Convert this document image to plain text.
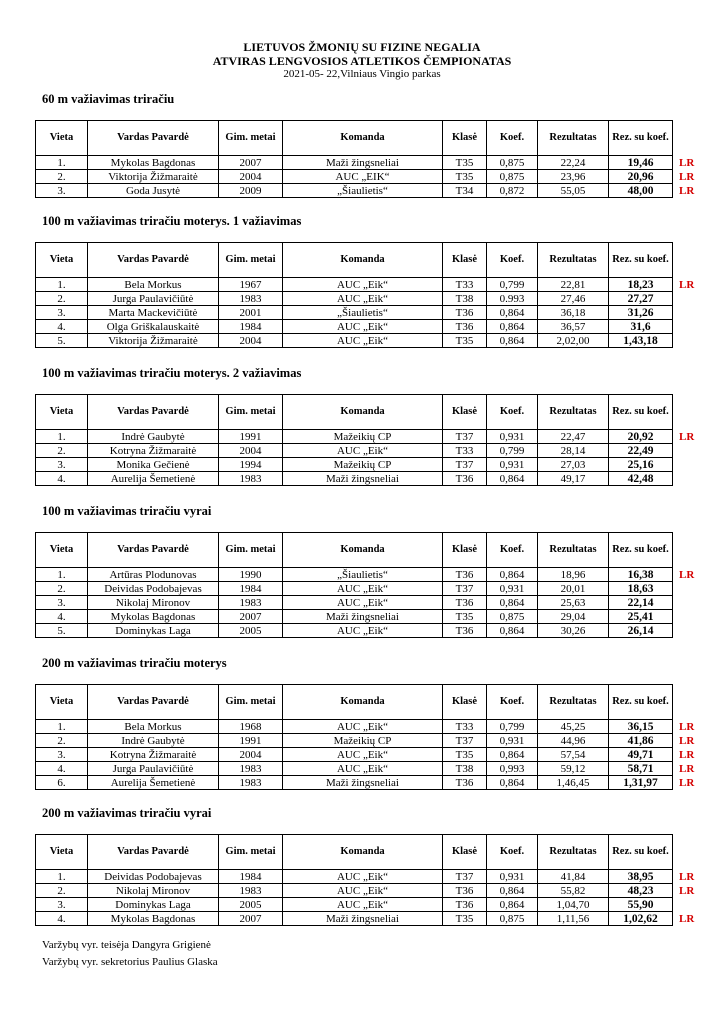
LIETUVOS ŽMONIŲ SU FIZINE NEGALIA
ATVIRAS LENGVOSIOS ATLETIKOS ČEMPIONATAS
2021-05- 22,Vilniaus Vingio parkas
60 m važiavimas triračiu
Vieta	Vardas Pavardė	Gim. metai	Komanda	Klasė	Koef.	Rezultatas	Rez. su koef.	
1.	Mykolas Bagdonas	2007	Maži žingsneliai	T35	0,875	22,24	19,46	LR
2.	Viktorija Žižmaraitė	2004	AUC „EIK“	T35	0,875	23,96	20,96	LR
3.	Goda Jusytė	2009	„Šiaulietis“	T34	0,872	55,05	48,00	LR
100 m važiavimas triračiu moterys. 1 važiavimas
Vieta	Vardas Pavardė	Gim. metai	Komanda	Klasė	Koef.	Rezultatas	Rez. su koef.	
1.	Bela Morkus	1967	AUC „Eik“	T33	0,799	22,81	18,23	LR
2.	Jurga Paulavičiūtė	1983	AUC „Eik“	T38	0.993	27,46	27,27	
3.	Marta Mackevičiūtė	2001	„Šiaulietis“	T36	0,864	36,18	31,26	
4.	Olga Griškalauskaitė	1984	AUC „Eik“	T36	0,864	36,57	31,6	
5.	Viktorija Žižmaraitė	2004	AUC „Eik“	T35	0,864	2,02,00	1,43,18	
100 m važiavimas triračiu moterys. 2 važiavimas
Vieta	Vardas Pavardė	Gim. metai	Komanda	Klasė	Koef.	Rezultatas	Rez. su koef.	
1.	Indrė Gaubytė	1991	Mažeikių CP	T37	0,931	22,47	20,92	LR
2.	Kotryna Žižmaraitė	2004	AUC „Eik“	T33	0,799	28,14	22,49	
3.	Monika Gečienė	1994	Mažeikių CP	T37	0,931	27,03	25,16	
4.	Aurelija Šemetienė	1983	Maži žingsneliai	T36	0,864	49,17	42,48	
100 m važiavimas triračiu vyrai
Vieta	Vardas Pavardė	Gim. metai	Komanda	Klasė	Koef.	Rezultatas	Rez. su koef.	
1.	Artūras Plodunovas	1990	„Šiaulietis“	T36	0,864	18,96	16,38	LR
2.	Deividas Podobajevas	1984	AUC „Eik“	T37	0,931	20,01	18,63	
3.	Nikolaj Mironov	1983	AUC „Eik“	T36	0,864	25,63	22,14	
4.	Mykolas Bagdonas	2007	Maži žingsneliai	T35	0,875	29,04	25,41	
5.	Dominykas Laga	2005	AUC „Eik“	T36	0,864	30,26	26,14	
200 m važiavimas triračiu moterys
Vieta	Vardas Pavardė	Gim. metai	Komanda	Klasė	Koef.	Rezultatas	Rez. su koef.	
1.	Bela Morkus	1968	AUC „Eik“	T33	0,799	45,25	36,15	LR
2.	Indrė Gaubytė	1991	Mažeikių CP	T37	0,931	44,96	41,86	LR
3.	Kotryna Žižmaraitė	2004	AUC „Eik“	T35	0,864	57,54	49,71	LR
4.	Jurga Paulavičiūtė	1983	AUC „Eik“	T38	0,993	59,12	58,71	LR
6.	Aurelija Šemetienė	1983	Maži žingsneliai	T36	0,864	1,46,45	1,31,97	LR
200 m važiavimas triračiu vyrai
Vieta	Vardas Pavardė	Gim. metai	Komanda	Klasė	Koef.	Rezultatas	Rez. su koef.	
1.	Deividas Podobajevas	1984	AUC „Eik“	T37	0,931	41,84	38,95	LR
2.	Nikolaj Mironov	1983	AUC „Eik“	T36	0,864	55,82	48,23	LR
3.	Dominykas Laga	2005	AUC „Eik“	T36	0,864	1,04,70	55,90	
4.	Mykolas Bagdonas	2007	Maži žingsneliai	T35	0,875	1,11,56	1,02,62	LR
Varžybų vyr. teisėja Dangyra Grigienė
Varžybų vyr. sekretorius Paulius Glaska
